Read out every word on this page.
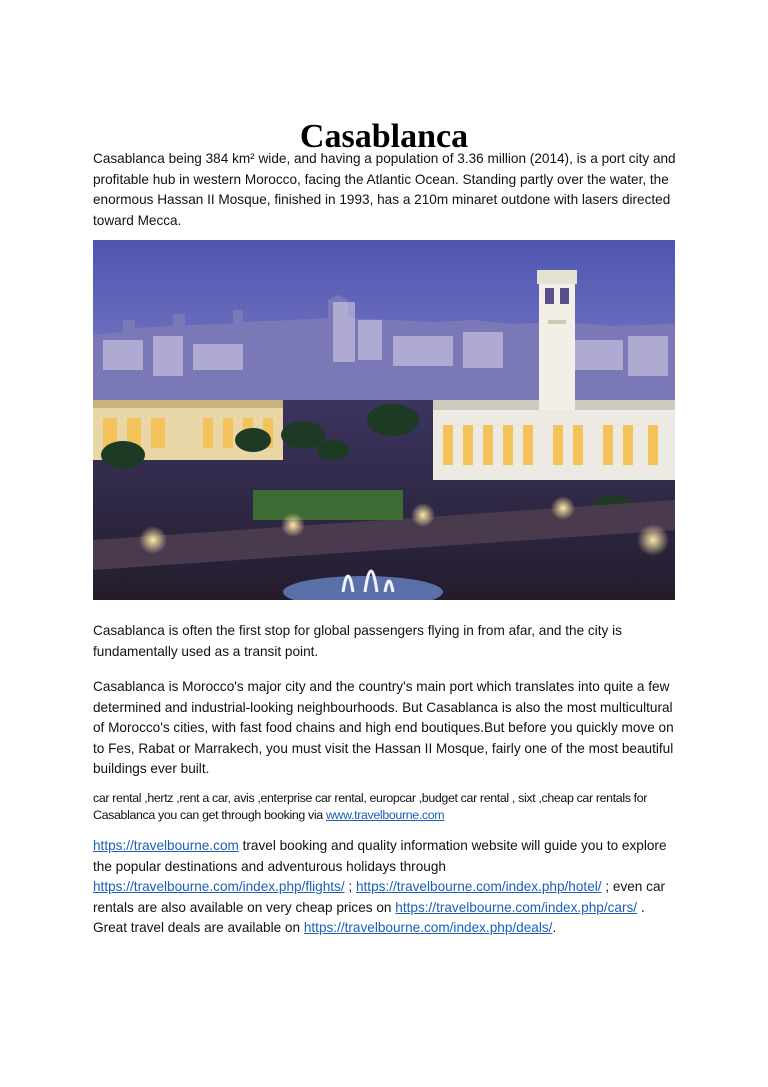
Casablanca

Casablanca being 384 km² wide, and having a population of 3.36 million (2014), is a port city and profitable hub in western Morocco, facing the Atlantic Ocean. Standing partly over the water, the enormous Hassan II Mosque, finished in 1993, has a 210m minaret outdone with lasers directed toward Mecca.

Casablanca is often the first stop for global passengers flying in from afar, and the city is fundamentally used as a transit point.

Casablanca is Morocco's major city and the country's main port which translates into quite a few determined and industrial-looking neighbourhoods. But Casablanca is also the most multicultural of Morocco's cities, with fast food chains and high end boutiques.But before you quickly move on to Fes, Rabat or Marrakech, you must visit the Hassan II Mosque, fairly one of the most beautiful buildings ever built.

car rental ,hertz ,rent a car, avis ,enterprise car rental, europcar ,budget car rental , sixt ,cheap car rentals for Casablanca you can get through booking via www.travelbourne.com

https://travelbourne.com travel booking and quality information website will guide you to explore the popular destinations and adventurous holidays through https://travelbourne.com/index.php/flights/ ; https://travelbourne.com/index.php/hotel/ ; even car rentals are also available on very cheap prices on https://travelbourne.com/index.php/cars/ . Great travel deals are available on https://travelbourne.com/index.php/deals/.
